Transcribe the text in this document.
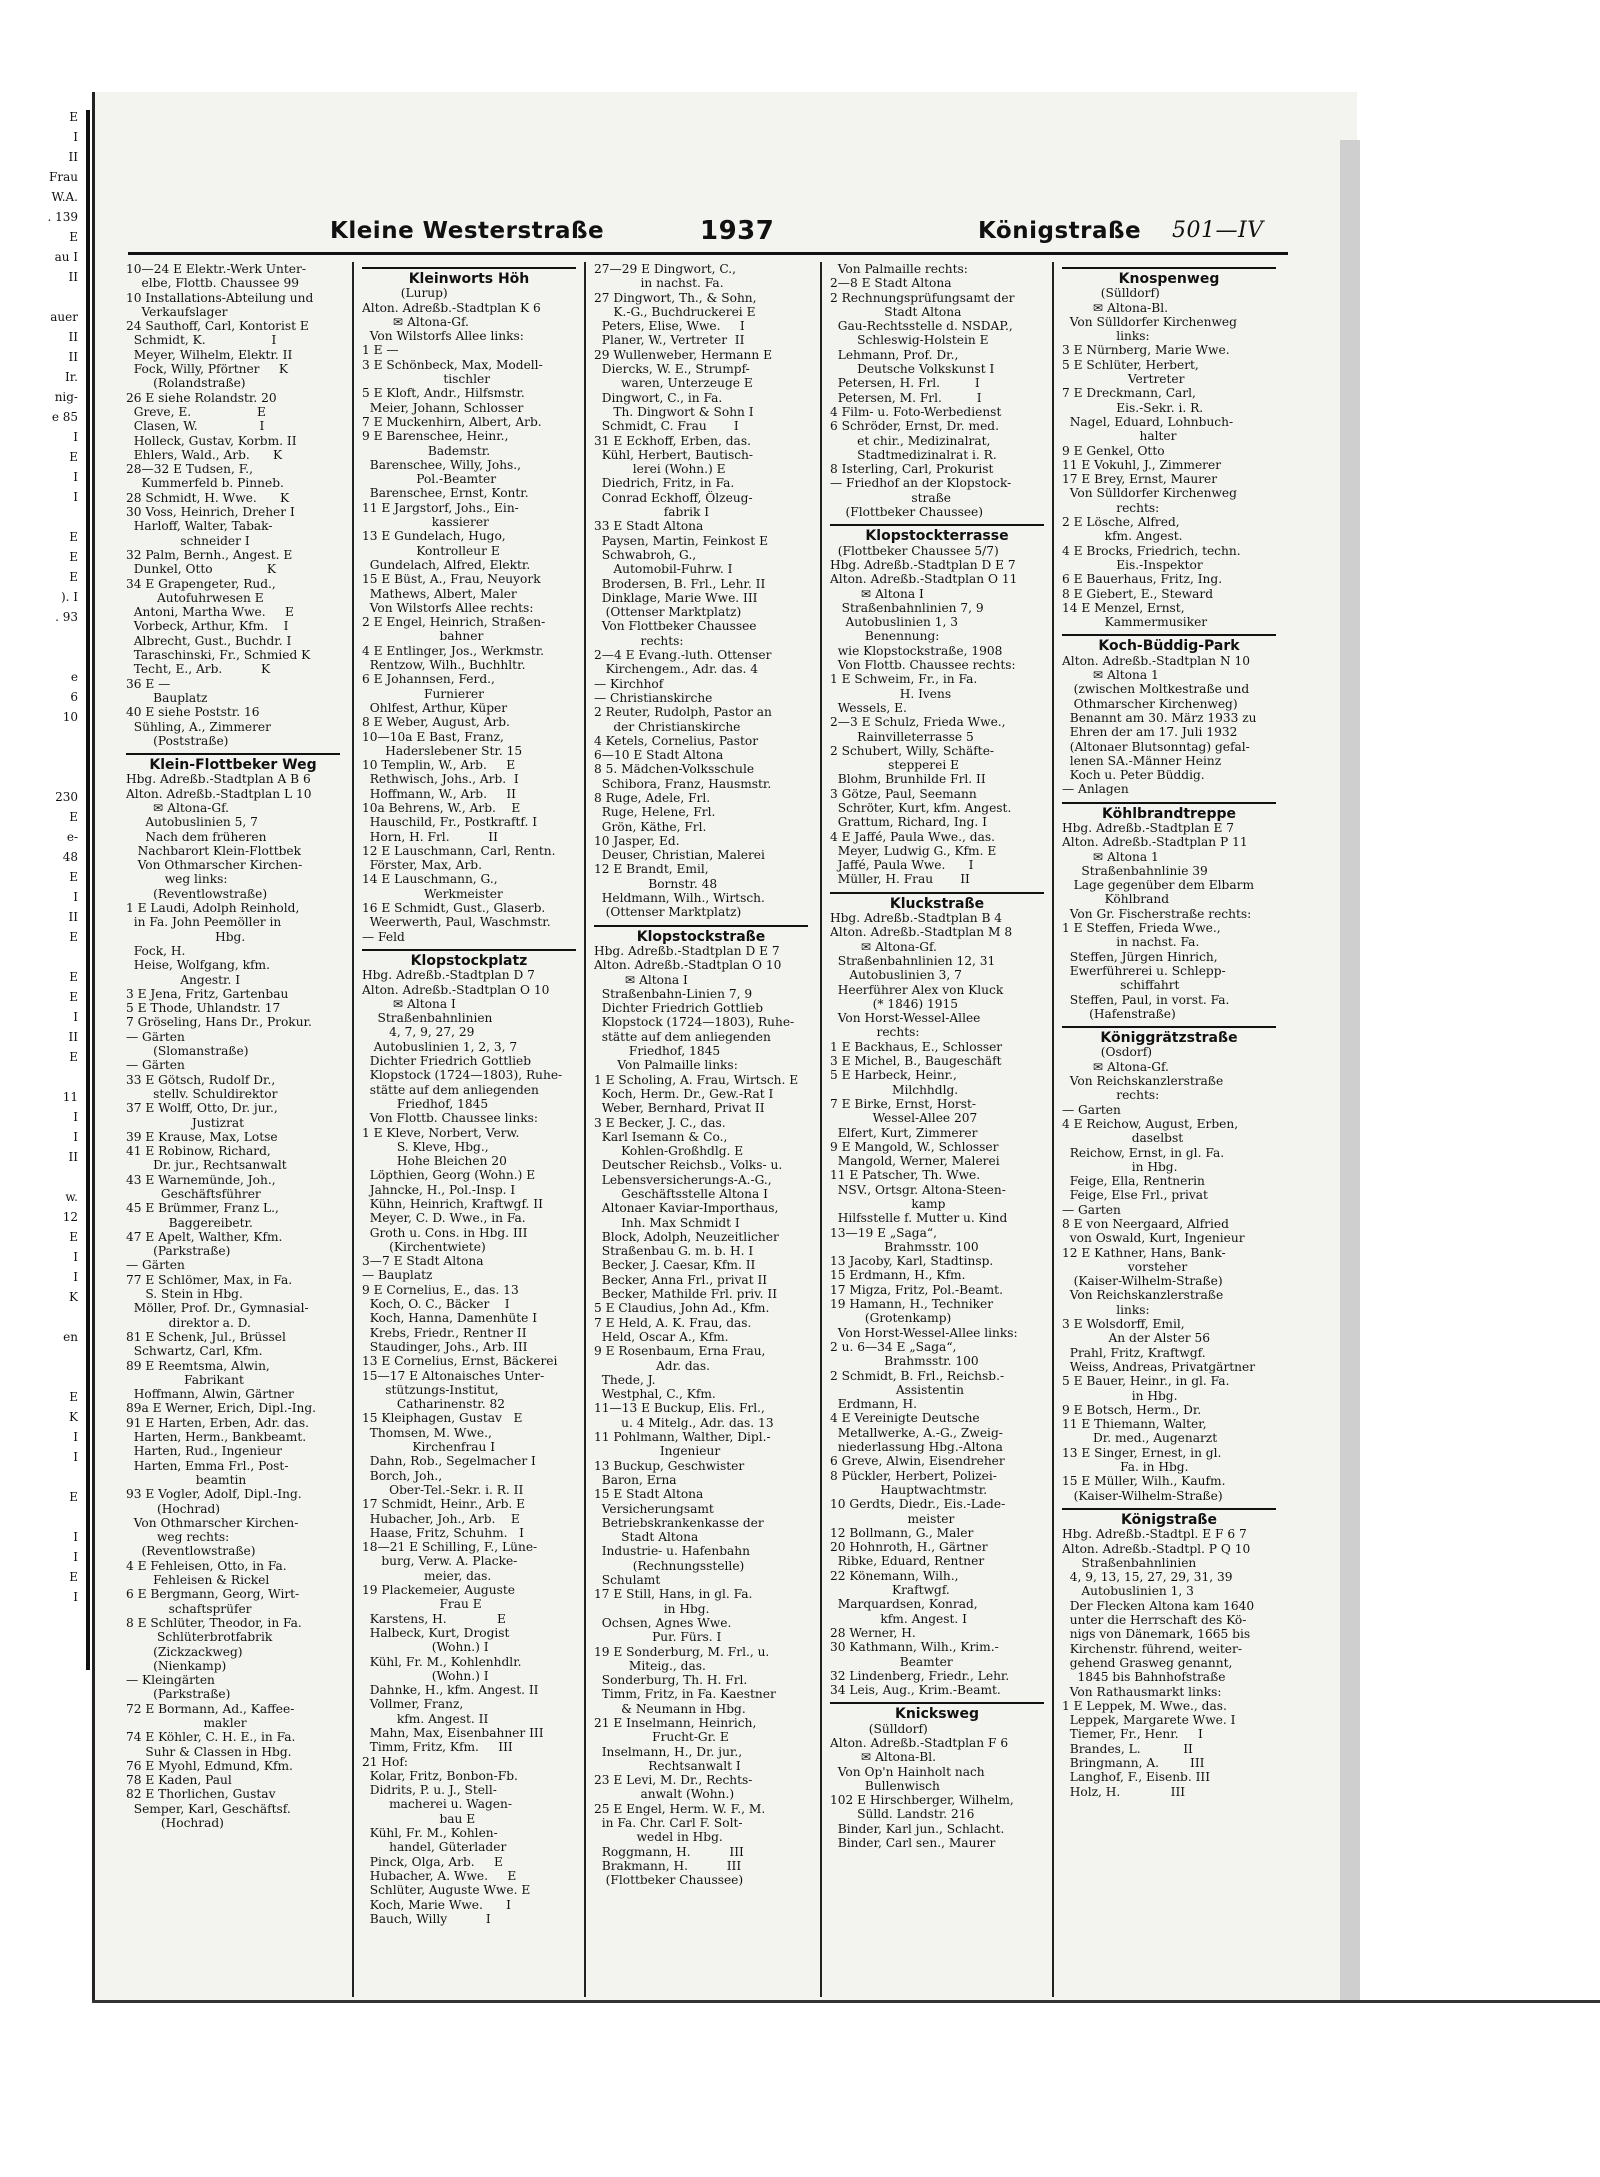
E
I
II
Frau
W.A.
. 139
E
au I
II

auer
II
II
Ir.
nig-
e 85
I
E
I
I

E
E
E
). I
. 93

e
6
10

230
E
e-
48
E
I
II
E

E
E
I
II
E

11
I
I
II

w.
12
E
I
I
K

en

E
K
I
I

E

I
I
E
I
Kleine Westerstraße	1937	Königstraße 501—IV
10—24 E Elektr.-Werk Unter-
elbe, Flottb. Chaussee 99
10 Installations-Abteilung und
Verkaufslager
24 Sauthoff, Carl, Kontorist E
Schmidt, K.                 I
Meyer, Wilhelm, Elektr. II
Fock, Willy, Pförtner     K
(Rolandstraße)
26 E siehe Rolandstr. 20
Greve, E.                 E
Clasen, W.                I
Holleck, Gustav, Korbm. II
Ehlers, Wald., Arb.      K
28—32 E Tudsen, F.,
Kummerfeld b. Pinneb.
28 Schmidt, H. Wwe.      K
30 Voss, Heinrich, Dreher I
Harloff, Walter, Tabak-
schneider I
32 Palm, Bernh., Angest. E
Dunkel, Otto              K
34 E Grapengeter, Rud.,
Autofuhrwesen E
Antoni, Martha Wwe.     E
Vorbeck, Arthur, Kfm.    I
Albrecht, Gust., Buchdr. I
Taraschinski, Fr., Schmied K
Techt, E., Arb.          K
36 E —
Bauplatz
40 E siehe Poststr. 16
Sühling, A., Zimmerer
(Poststraße)
Klein-Flottbeker Weg
Hbg. Adreßb.-Stadtplan A B 6
Alton. Adreßb.-Stadtplan L 10
✉ Altona-Gf.
Autobuslinien 5, 7
Nach dem früheren
Nachbarort Klein-Flottbek
Von Othmarscher Kirchen-
weg links:
(Reventlowstraße)
1 E Laudi, Adolph Reinhold,
in Fa. John Peemöller in
Hbg.
Fock, H.
Heise, Wolfgang, kfm.
Angestr. I
3 E Jena, Fritz, Gartenbau
5 E Thode, Uhlandstr. 17
7 Gröseling, Hans Dr., Prokur.
— Gärten
(Slomanstraße)
— Gärten
33 E Götsch, Rudolf Dr.,
stellv. Schuldirektor
37 E Wolff, Otto, Dr. jur.,
Justizrat
39 E Krause, Max, Lotse
41 E Robinow, Richard,
Dr. jur., Rechtsanwalt
43 E Warnemünde, Joh.,
Geschäftsführer
45 E Brümmer, Franz L.,
Baggereibetr.
47 E Apelt, Walther, Kfm.
(Parkstraße)
— Gärten
77 E Schlömer, Max, in Fa.
S. Stein in Hbg.
Möller, Prof. Dr., Gymnasial-
direktor a. D.
81 E Schenk, Jul., Brüssel
Schwartz, Carl, Kfm.
89 E Reemtsma, Alwin,
Fabrikant
Hoffmann, Alwin, Gärtner
89a E Werner, Erich, Dipl.-Ing.
91 E Harten, Erben, Adr. das.
Harten, Herm., Bankbeamt.
Harten, Rud., Ingenieur
Harten, Emma Frl., Post-
beamtin
93 E Vogler, Adolf, Dipl.-Ing.
(Hochrad)
Von Othmarscher Kirchen-
weg rechts:
(Reventlowstraße)
4 E Fehleisen, Otto, in Fa.
Fehleisen & Rickel
6 E Bergmann, Georg, Wirt-
schaftsprüfer
8 E Schlüter, Theodor, in Fa.
Schlüterbrotfabrik
(Zickzackweg)
(Nienkamp)
— Kleingärten
(Parkstraße)
72 E Bormann, Ad., Kaffee-
makler
74 E Köhler, C. H. E., in Fa.
Suhr & Classen in Hbg.
76 E Myohl, Edmund, Kfm.
78 E Kaden, Paul
82 E Thorlichen, Gustav
Semper, Karl, Geschäftsf.
(Hochrad)
Kleinworts Höh
(Lurup)
Alton. Adreßb.-Stadtplan K 6
✉ Altona-Gf.
Von Wilstorfs Allee links:
1 E —
3 E Schönbeck, Max, Modell-
tischler
5 E Kloft, Andr., Hilfsmstr.
Meier, Johann, Schlosser
7 E Muckenhirn, Albert, Arb.
9 E Barenschee, Heinr.,
Bademstr.
Barenschee, Willy, Johs.,
Pol.-Beamter
Barenschee, Ernst, Kontr.
11 E Jargstorf, Johs., Ein-
kassierer
13 E Gundelach, Hugo,
Kontrolleur E
Gundelach, Alfred, Elektr.
15 E Büst, A., Frau, Neuyork
Mathews, Albert, Maler
Von Wilstorfs Allee rechts:
2 E Engel, Heinrich, Straßen-
bahner
4 E Entlinger, Jos., Werkmstr.
Rentzow, Wilh., Buchhltr.
6 E Johannsen, Ferd.,
Furnierer
Ohlfest, Arthur, Küper
8 E Weber, August, Arb.
10—10a E Bast, Franz,
Haderslebener Str. 15
10 Templin, W., Arb.     E
Rethwisch, Johs., Arb.  I
Hoffmann, W., Arb.     II
10a Behrens, W., Arb.    E
Hauschild, Fr., Postkraftf. I
Horn, H. Frl.          II
12 E Lauschmann, Carl, Rentn.
Förster, Max, Arb.
14 E Lauschmann, G.,
Werkmeister
16 E Schmidt, Gust., Glaserb.
Weerwerth, Paul, Waschmstr.
— Feld
Klopstockplatz
Hbg. Adreßb.-Stadtplan D 7
Alton. Adreßb.-Stadtplan O 10
✉ Altona I
Straßenbahnlinien
4, 7, 9, 27, 29
Autobuslinien 1, 2, 3, 7
Dichter Friedrich Gottlieb
Klopstock (1724—1803), Ruhe-
stätte auf dem anliegenden
Friedhof, 1845
Von Flottb. Chaussee links:
1 E Kleve, Norbert, Verw.
S. Kleve, Hbg.,
Hohe Bleichen 20
Löpthien, Georg (Wohn.) E
Jahncke, H., Pol.-Insp. I
Kühn, Heinrich, Kraftwgf. II
Meyer, C. D. Wwe., in Fa.
Groth u. Cons. in Hbg. III
(Kirchentwiete)
3—7 E Stadt Altona
— Bauplatz
9 E Cornelius, E., das. 13
Koch, O. C., Bäcker    I
Koch, Hanna, Damenhüte I
Krebs, Friedr., Rentner II
Staudinger, Johs., Arb. III
13 E Cornelius, Ernst, Bäckerei
15—17 E Altonaisches Unter-
stützungs-Institut,
Catharinenstr. 82
15 Kleiphagen, Gustav   E
Thomsen, M. Wwe.,
Kirchenfrau I
Dahn, Rob., Segelmacher I
Borch, Joh.,
Ober-Tel.-Sekr. i. R. II
17 Schmidt, Heinr., Arb. E
Hubacher, Joh., Arb.    E
Haase, Fritz, Schuhm.   I
18—21 E Schilling, F., Lüne-
burg, Verw. A. Placke-
meier, das.
19 Plackemeier, Auguste
Frau E
Karstens, H.             E
Halbeck, Kurt, Drogist
(Wohn.) I
Kühl, Fr. M., Kohlenhdlr.
(Wohn.) I
Dahnke, H., kfm. Angest. II
Vollmer, Franz,
kfm. Angest. II
Mahn, Max, Eisenbahner III
Timm, Fritz, Kfm.     III
21 Hof:
Kolar, Fritz, Bonbon-Fb.
Didrits, P. u. J., Stell-
macherei u. Wagen-
bau E
Kühl, Fr. M., Kohlen-
handel, Güterlader
Pinck, Olga, Arb.     E
Hubacher, A. Wwe.     E
Schlüter, Auguste Wwe. E
Koch, Marie Wwe.      I
Bauch, Willy          I
27—29 E Dingwort, C.,
in nachst. Fa.
27 Dingwort, Th., & Sohn,
K.-G., Buchdruckerei E
Peters, Elise, Wwe.     I
Planer, W., Vertreter  II
29 Wullenweber, Hermann E
Diercks, W. E., Strumpf-
waren, Unterzeuge E
Dingwort, C., in Fa.
Th. Dingwort & Sohn I
Schmidt, C. Frau       I
31 E Eckhoff, Erben, das.
Kühl, Herbert, Bautisch-
lerei (Wohn.) E
Diedrich, Fritz, in Fa.
Conrad Eckhoff, Ölzeug-
fabrik I
33 E Stadt Altona
Paysen, Martin, Feinkost E
Schwabroh, G.,
Automobil-Fuhrw. I
Brodersen, B. Frl., Lehr. II
Dinklage, Marie Wwe. III
(Ottenser Marktplatz)
Von Flottbeker Chaussee
rechts:
2—4 E Evang.-luth. Ottenser
Kirchengem., Adr. das. 4
— Kirchhof
— Christianskirche
2 Reuter, Rudolph, Pastor an
der Christianskirche
4 Ketels, Cornelius, Pastor
6—10 E Stadt Altona
8 5. Mädchen-Volksschule
Schibora, Franz, Hausmstr.
8 Ruge, Adele, Frl.
Ruge, Helene, Frl.
Grön, Käthe, Frl.
10 Jasper, Ed.
Deuser, Christian, Malerei
12 E Brandt, Emil,
Bornstr. 48
Heldmann, Wilh., Wirtsch.
(Ottenser Marktplatz)
Klopstockstraße
Hbg. Adreßb.-Stadtplan D E 7
Alton. Adreßb.-Stadtplan O 10
✉ Altona I
Straßenbahn-Linien 7, 9
Dichter Friedrich Gottlieb
Klopstock (1724—1803), Ruhe-
stätte auf dem anliegenden
Friedhof, 1845
Von Palmaille links:
1 E Scholing, A. Frau, Wirtsch. E
Koch, Herm. Dr., Gew.-Rat I
Weber, Bernhard, Privat II
3 E Becker, J. C., das.
Karl Isemann & Co.,
Kohlen-Großhdlg. E
Deutscher Reichsb., Volks- u.
Lebensversicherungs-A.-G.,
Geschäftsstelle Altona I
Altonaer Kaviar-Importhaus,
Inh. Max Schmidt I
Block, Adolph, Neuzeitlicher
Straßenbau G. m. b. H. I
Becker, J. Caesar, Kfm. II
Becker, Anna Frl., privat II
Becker, Mathilde Frl. priv. II
5 E Claudius, John Ad., Kfm.
7 E Held, A. K. Frau, das.
Held, Oscar A., Kfm.
9 E Rosenbaum, Erna Frau,
Adr. das.
Thede, J.
Westphal, C., Kfm.
11—13 E Buckup, Elis. Frl.,
u. 4 Mitelg., Adr. das. 13
11 Pohlmann, Walther, Dipl.-
Ingenieur
13 Buckup, Geschwister
Baron, Erna
15 E Stadt Altona
Versicherungsamt
Betriebskrankenkasse der
Stadt Altona
Industrie- u. Hafenbahn
(Rechnungsstelle)
Schulamt
17 E Still, Hans, in gl. Fa.
in Hbg.
Ochsen, Agnes Wwe.
Pur. Fürs. I
19 E Sonderburg, M. Frl., u.
Miteig., das.
Sonderburg, Th. H. Frl.
Timm, Fritz, in Fa. Kaestner
& Neumann in Hbg.
21 E Inselmann, Heinrich,
Frucht-Gr. E
Inselmann, H., Dr. jur.,
Rechtsanwalt I
23 E Levi, M. Dr., Rechts-
anwalt (Wohn.)
25 E Engel, Herm. W. F., M.
in Fa. Chr. Carl F. Solt-
wedel in Hbg.
Roggmann, H.          III
Brakmann, H.          III
(Flottbeker Chaussee)
Von Palmaille rechts:
2—8 E Stadt Altona
2 Rechnungsprüfungsamt der
Stadt Altona
Gau-Rechtsstelle d. NSDAP.,
Schleswig-Holstein E
Lehmann, Prof. Dr.,
Deutsche Volkskunst I
Petersen, H. Frl.         I
Petersen, M. Frl.         I
4 Film- u. Foto-Werbedienst
6 Schröder, Ernst, Dr. med.
et chir., Medizinalrat,
Stadtmedizinalrat i. R.
8 Isterling, Carl, Prokurist
— Friedhof an der Klopstock-
straße
(Flottbeker Chaussee)
Klopstockterrasse
(Flottbeker Chaussee 5/7)
Hbg. Adreßb.-Stadtplan D E 7
Alton. Adreßb.-Stadtplan O 11
✉ Altona I
Straßenbahnlinien 7, 9
Autobuslinien 1, 3
Benennung:
wie Klopstockstraße, 1908
Von Flottb. Chaussee rechts:
1 E Schweim, Fr., in Fa.
H. Ivens
Wessels, E.
2—3 E Schulz, Frieda Wwe.,
Rainvilleterrasse 5
2 Schubert, Willy, Schäfte-
stepperei E
Blohm, Brunhilde Frl. II
3 Götze, Paul, Seemann
Schröter, Kurt, kfm. Angest.
Grattum, Richard, Ing. I
4 E Jaffé, Paula Wwe., das.
Meyer, Ludwig G., Kfm. E
Jaffé, Paula Wwe.      I
Müller, H. Frau       II
Kluckstraße
Hbg. Adreßb.-Stadtplan B 4
Alton. Adreßb.-Stadtplan M 8
✉ Altona-Gf.
Straßenbahnlinien 12, 31
Autobuslinien 3, 7
Heerführer Alex von Kluck
(* 1846) 1915
Von Horst-Wessel-Allee
rechts:
1 E Backhaus, E., Schlosser
3 E Michel, B., Baugeschäft
5 E Harbeck, Heinr.,
Milchhdlg.
7 E Birke, Ernst, Horst-
Wessel-Allee 207
Elfert, Kurt, Zimmerer
9 E Mangold, W., Schlosser
Mangold, Werner, Malerei
11 E Patscher, Th. Wwe.
NSV., Ortsgr. Altona-Steen-
kamp
Hilfsstelle f. Mutter u. Kind
13—19 E „Saga“,
Brahmsstr. 100
13 Jacoby, Karl, Stadtinsp.
15 Erdmann, H., Kfm.
17 Migza, Fritz, Pol.-Beamt.
19 Hamann, H., Techniker
(Grotenkamp)
Von Horst-Wessel-Allee links:
2 u. 6—34 E „Saga“,
Brahmsstr. 100
2 Schmidt, B. Frl., Reichsb.-
Assistentin
Erdmann, H.
4 E Vereinigte Deutsche
Metallwerke, A.-G., Zweig-
niederlassung Hbg.-Altona
6 Greve, Alwin, Eisendreher
8 Pückler, Herbert, Polizei-
Hauptwachtmstr.
10 Gerdts, Diedr., Eis.-Lade-
meister
12 Bollmann, G., Maler
20 Hohnroth, H., Gärtner
Ribke, Eduard, Rentner
22 Könemann, Wilh.,
Kraftwgf.
Marquardsen, Konrad,
kfm. Angest. I
28 Werner, H.
30 Kathmann, Wilh., Krim.-
Beamter
32 Lindenberg, Friedr., Lehr.
34 Leis, Aug., Krim.-Beamt.
Knicksweg
(Sülldorf)
Alton. Adreßb.-Stadtplan F 6
✉ Altona-Bl.
Von Op'n Hainholt nach
Bullenwisch
102 E Hirschberger, Wilhelm,
Sülld. Landstr. 216
Binder, Karl jun., Schlacht.
Binder, Carl sen., Maurer
Knospenweg
(Sülldorf)
✉ Altona-Bl.
Von Sülldorfer Kirchenweg
links:
3 E Nürnberg, Marie Wwe.
5 E Schlüter, Herbert,
Vertreter
7 E Dreckmann, Carl,
Eis.-Sekr. i. R.
Nagel, Eduard, Lohnbuch-
halter
9 E Genkel, Otto
11 E Vokuhl, J., Zimmerer
17 E Brey, Ernst, Maurer
Von Sülldorfer Kirchenweg
rechts:
2 E Lösche, Alfred,
kfm. Angest.
4 E Brocks, Friedrich, techn.
Eis.-Inspektor
6 E Bauerhaus, Fritz, Ing.
8 E Giebert, E., Steward
14 E Menzel, Ernst,
Kammermusiker
Koch-Büddig-Park
Alton. Adreßb.-Stadtplan N 10
✉ Altona 1
(zwischen Moltkestraße und
Othmarscher Kirchenweg)
Benannt am 30. März 1933 zu
Ehren der am 17. Juli 1932
(Altonaer Blutsonntag) gefal-
lenen SA.-Männer Heinz
Koch u. Peter Büddig.
— Anlagen
Köhlbrandtreppe
Hbg. Adreßb.-Stadtplan E 7
Alton. Adreßb.-Stadtplan P 11
✉ Altona 1
Straßenbahnlinie 39
Lage gegenüber dem Elbarm
Köhlbrand
Von Gr. Fischerstraße rechts:
1 E Steffen, Frieda Wwe.,
in nachst. Fa.
Steffen, Jürgen Hinrich,
Ewerführerei u. Schlepp-
schiffahrt
Steffen, Paul, in vorst. Fa.
(Hafenstraße)
Königgrätzstraße
(Osdorf)
✉ Altona-Gf.
Von Reichskanzlerstraße
rechts:
— Garten
4 E Reichow, August, Erben,
daselbst
Reichow, Ernst, in gl. Fa.
in Hbg.
Feige, Ella, Rentnerin
Feige, Else Frl., privat
— Garten
8 E von Neergaard, Alfried
von Oswald, Kurt, Ingenieur
12 E Kathner, Hans, Bank-
vorsteher
(Kaiser-Wilhelm-Straße)
Von Reichskanzlerstraße
links:
3 E Wolsdorff, Emil,
An der Alster 56
Prahl, Fritz, Kraftwgf.
Weiss, Andreas, Privatgärtner
5 E Bauer, Heinr., in gl. Fa.
in Hbg.
9 E Botsch, Herm., Dr.
11 E Thiemann, Walter,
Dr. med., Augenarzt
13 E Singer, Ernest, in gl.
Fa. in Hbg.
15 E Müller, Wilh., Kaufm.
(Kaiser-Wilhelm-Straße)
Königstraße
Hbg. Adreßb.-Stadtpl. E F 6 7
Alton. Adreßb.-Stadtpl. P Q 10
Straßenbahnlinien
4, 9, 13, 15, 27, 29, 31, 39
Autobuslinien 1, 3
Der Flecken Altona kam 1640
unter die Herrschaft des Kö-
nigs von Dänemark, 1665 bis
Kirchenstr. führend, weiter-
gehend Grasweg genannt,
1845 bis Bahnhofstraße
Von Rathausmarkt links:
1 E Leppek, M. Wwe., das.
Leppek, Margarete Wwe. I
Tiemer, Fr., Henr.     I
Brandes, L.           II
Bringmann, A.        III
Langhof, F., Eisenb. III
Holz, H.             III
